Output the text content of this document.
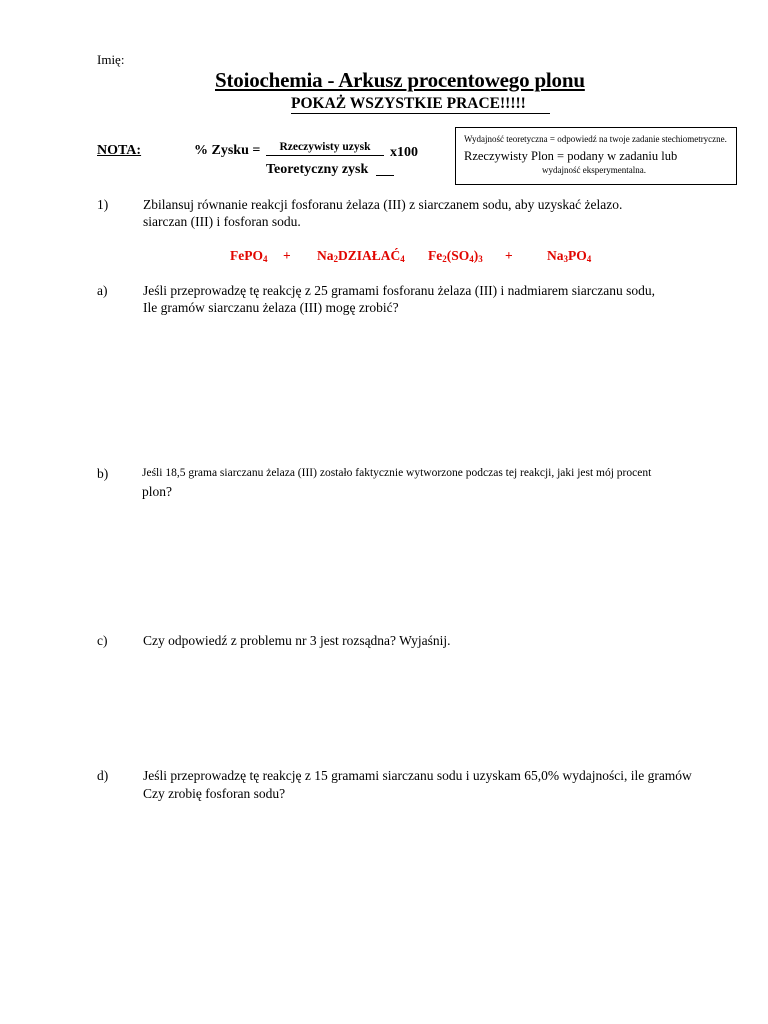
Imię:
Stoiochemia - Arkusz procentowego plonu
POKAŻ WSZYSTKIE PRACE!!!!!
NOTA:	% Zysku =	Rzeczywisty uzysk	x100
Teoretyczny zysk
Wydajność teoretyczna = odpowiedź na twoje zadanie stechiometryczne.
Rzeczywisty Plon = podany w zadaniu lub
wydajność eksperymentalna.
1)	Zbilansuj równanie reakcji fosforanu żelaza (III) z siarczanem sodu, aby uzyskać żelazo.
siarczan (III) i fosforan sodu.
FePO$_4$ + $Na_2DZIAŁAĆ_4$ $Fe_2(SO_4)_3$ +	$Na_3PO_4$
a)	Jeśli przeprowadzę tę reakcję z 25 gramami fosforanu żelaza (III) i nadmiarem siarczanu sodu,
Ile gramów siarczanu żelaza (III) mogę zrobić?
b)	Jeśli 18,5 grama siarczanu żelaza (III) zostało faktycznie wytworzone podczas tej reakcji, jaki jest mój procent
plon?
c)	Czy odpowiedź z problemu nr 3 jest rozsądna? Wyjaśnij.
d)	Jeśli przeprowadzę tę reakcję z 15 gramami siarczanu sodu i uzyskam 65,0% wydajności, ile gramów
Czy zrobię fosforan sodu?
